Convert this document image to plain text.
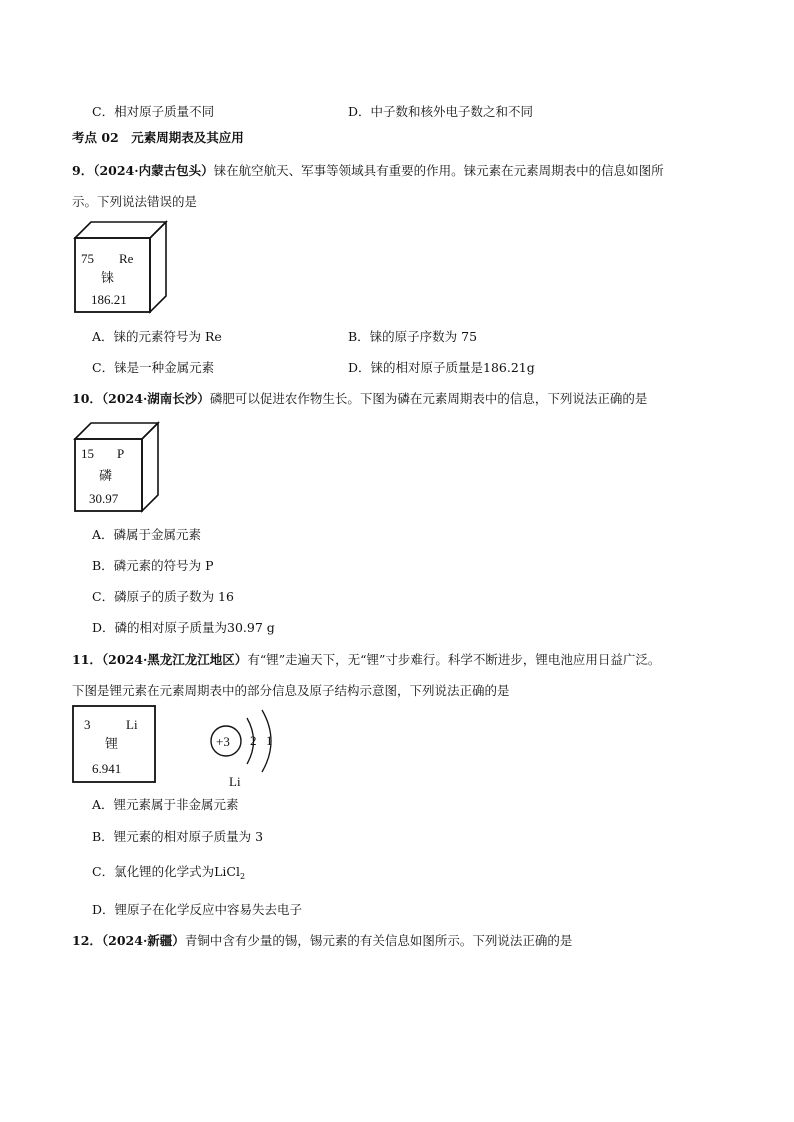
C．相对原子质量不同	D．中子数和核外电子数之和不同
考点 02　元素周期表及其应用
9．（2024·内蒙古包头）铼在航空航天、军事等领域具有重要的作用。铼元素在元素周期表中的信息如图所
示。下列说法错误的是
75 Re
铼
186.21
A．铼的元素符号为 Re	B．铼的原子序数为 75
C．铼是一种金属元素	D．铼的相对原子质量是186.21g
10．（2024·湖南长沙）磷肥可以促进农作物生长。下图为磷在元素周期表中的信息，下列说法正确的是
15 P
磷
30.97
A．磷属于金属元素
B．磷元素的符号为 P
C．磷原子的质子数为 16
D．磷的相对原子质量为30.97 g
11．（2024·黑龙江龙江地区）有“锂”走遍天下，无“锂”寸步难行。科学不断进步，锂电池应用日益广泛。
下图是锂元素在元素周期表中的部分信息及原子结构示意图，下列说法正确的是
3	Li
锂
6.941
+3 2 1
Li
A．锂元素属于非金属元素
B．锂元素的相对原子质量为 3
C．氯化锂的化学式为LiCl$_2$
D．锂原子在化学反应中容易失去电子
12．（2024·新疆）青铜中含有少量的锡，锡元素的有关信息如图所示。下列说法正确的是
